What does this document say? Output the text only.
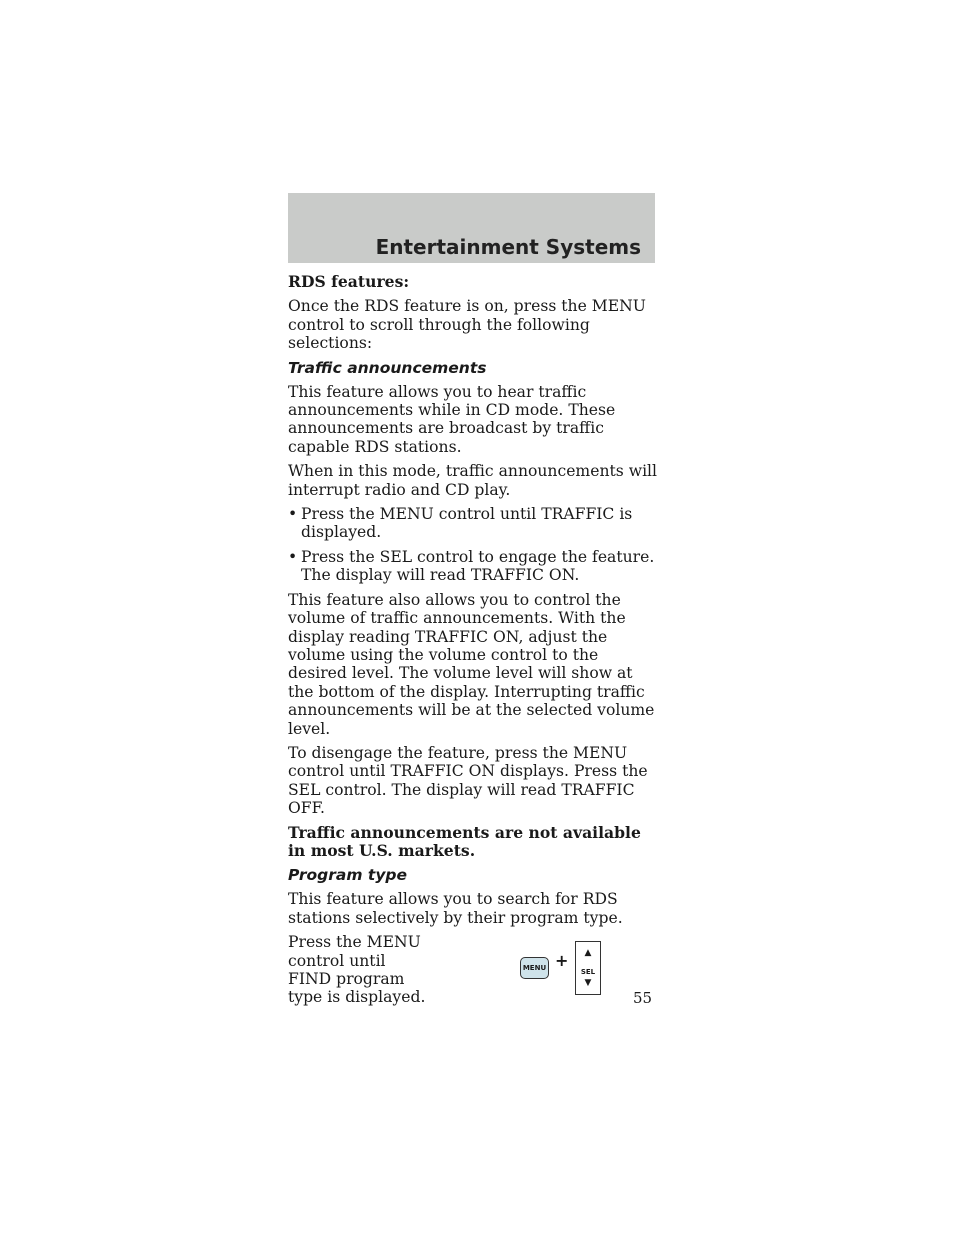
Entertainment Systems

RDS features:

Once the RDS feature is on, press the MENU control to scroll through the following selections:

Traffic announcements

This feature allows you to hear traffic announcements while in CD mode. These announcements are broadcast by traffic capable RDS stations.

When in this mode, traffic announcements will interrupt radio and CD play.

• Press the MENU control until TRAFFIC is displayed.
• Press the SEL control to engage the feature. The display will read TRAFFIC ON.

This feature also allows you to control the volume of traffic announcements. With the display reading TRAFFIC ON, adjust the volume using the volume control to the desired level. The volume level will show at the bottom of the display. Interrupting traffic announcements will be at the selected volume level.

To disengage the feature, press the MENU control until TRAFFIC ON displays. Press the SEL control. The display will read TRAFFIC OFF.

Traffic announcements are not available in most U.S. markets.

Program type

This feature allows you to search for RDS stations selectively by their program type.

Press the MENU control until FIND program type is displayed.

MENU +	▲
SEL
▼
55
